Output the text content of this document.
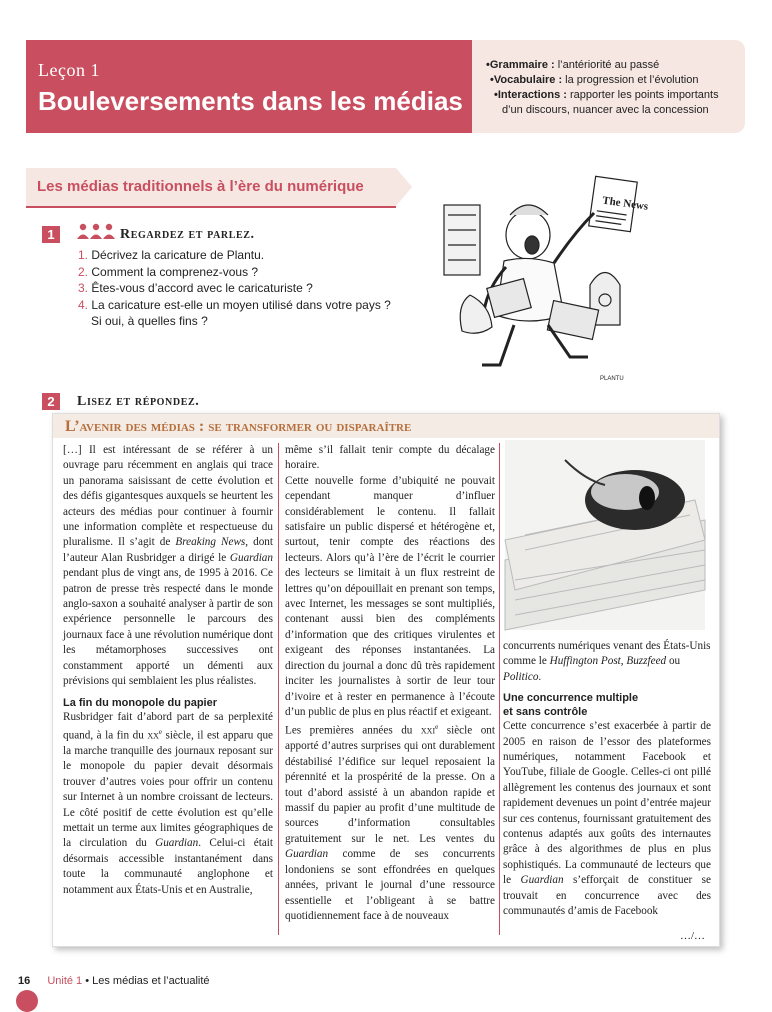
Leçon 1
Bouleversements dans les médias
• Grammaire : l’antériorité au passé
• Vocabulaire : la progression et l’évolution
• Interactions : rapporter les points importants
d’un discours, nuancer avec la concession
Les médias traditionnels à l’ère du numérique
1	Regardez et parlez.
1. Décrivez la caricature de Plantu.
2. Comment la comprenez-vous ?
3. Êtes-vous d’accord avec le caricaturiste ?
4. La caricature est-elle un moyen utilisé dans votre pays ?
Si oui, à quelles fins ?
The News
PLANTU
2	Lisez et répondez.
L’avenir des médias : se transformer ou disparaître

[…] Il est intéressant de se référer à un ouvrage paru récemment en anglais qui trace un panorama saisissant de cette évolution et des défis gigantesques auxquels se heurtent les acteurs des médias pour continuer à fournir une information complète et respectueuse du pluralisme. Il s’agit de Breaking News, dont l’auteur Alan Rusbridger a dirigé le Guardian pendant plus de vingt ans, de 1995 à 2016. Ce patron de presse très respecté dans le monde anglo-saxon a souhaité analyser à partir de son expérience personnelle le parcours des journaux face à une révolution numérique dont les métamorphoses successives ont constamment apporté un démenti aux prévisions qui semblaient les plus réalistes.

La fin du monopole du papier

Rusbridger fait d’abord part de sa perplexité quand, à la fin du $xx^e$ siècle, il est apparu que la marche tranquille des journaux reposant sur le monopole du papier devait désormais trouver d’autres voies pour offrir un contenu sur Internet à un nombre croissant de lecteurs. Le côté positif de cette évolution est qu’elle mettait un terme aux limites géographiques de la circulation du Guardian. Celui-ci était désormais accessible instantanément dans toute la communauté anglophone et notamment aux États-Unis et en Australie,

même s’il fallait tenir compte du décalage horaire.

Cette nouvelle forme d’ubiquité ne pouvait cependant manquer d’influer considérablement le contenu. Il fallait satisfaire un public dispersé et hétérogène et, surtout, tenir compte des réactions des lecteurs. Alors qu’à l’ère de l’écrit le courrier des lecteurs se limitait à un flux restreint de lettres qu’on dépouillait en prenant son temps, avec Internet, les messages se sont multipliés, contenant aussi bien des compléments d’information que des critiques virulentes et exigeant des réponses instantanées. La direction du journal a donc dû très rapidement inciter les journalistes à sortir de leur tour d’ivoire et à rester en permanence à l’écoute d’un public de plus en plus réactif et exigeant.

Les premières années du xxi$^e$ siècle ont apporté d’autres surprises qui ont durablement déstabilisé l’édifice sur lequel reposaient la pérennité et la prospérité de la presse. On a tout d’abord assisté à un abandon rapide et massif du papier au profit d’une multitude de sources d’information consultables gratuitement sur le net. Les ventes du Guardian comme de ses concurrents londoniens se sont effondrées en quelques années, privant le journal d’une ressource essentielle et l’obligeant à se battre quotidiennement face à de nouveaux

concurrents numériques venant des États-Unis comme le Huffington Post, Buzzfeed ou Politico.

Une concurrence multiple
et sans contrôle

Cette concurrence s’est exacerbée à partir de 2005 en raison de l’essor des plateformes numériques, notamment Facebook et YouTube, filiale de Google. Celles-ci ont pillé allègrement les contenus des journaux et sont rapidement devenues un point d’entrée majeur sur ces contenus, fournissant gratuitement des contenus adaptés aux goûts des internautes grâce à des algorithmes de plus en plus sophistiqués. La communauté de lecteurs que le Guardian s’efforçait de constituer se trouvait en concurrence avec des communautés d’amis de Facebook

…/…
16 Unité 1 • Les médias et l’actualité
